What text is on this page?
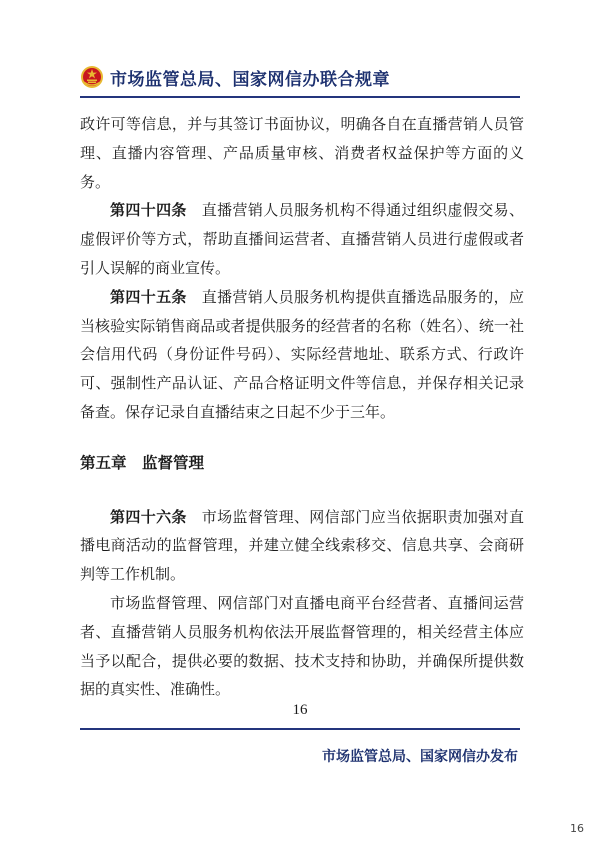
市场监管总局、国家网信办联合规章

政许可等信息，并与其签订书面协议，明确各自在直播营销人员管理、直播内容管理、产品质量审核、消费者权益保护等方面的义务。

第四十四条 直播营销人员服务机构不得通过组织虚假交易、虚假评价等方式，帮助直播间运营者、直播营销人员进行虚假或者引人误解的商业宣传。

第四十五条 直播营销人员服务机构提供直播选品服务的，应当核验实际销售商品或者提供服务的经营者的名称（姓名）、统一社会信用代码（身份证件号码）、实际经营地址、联系方式、行政许可、强制性产品认证、产品合格证明文件等信息，并保存相关记录备查。保存记录自直播结束之日起不少于三年。

第五章　监督管理

第四十六条 市场监督管理、网信部门应当依据职责加强对直播电商活动的监督管理，并建立健全线索移交、信息共享、会商研判等工作机制。

市场监督管理、网信部门对直播电商平台经营者、直播间运营者、直播营销人员服务机构依法开展监督管理的，相关经营主体应当予以配合，提供必要的数据、技术支持和协助，并确保所提供数据的真实性、准确性。

16
市场监管总局、国家网信办发布
16
